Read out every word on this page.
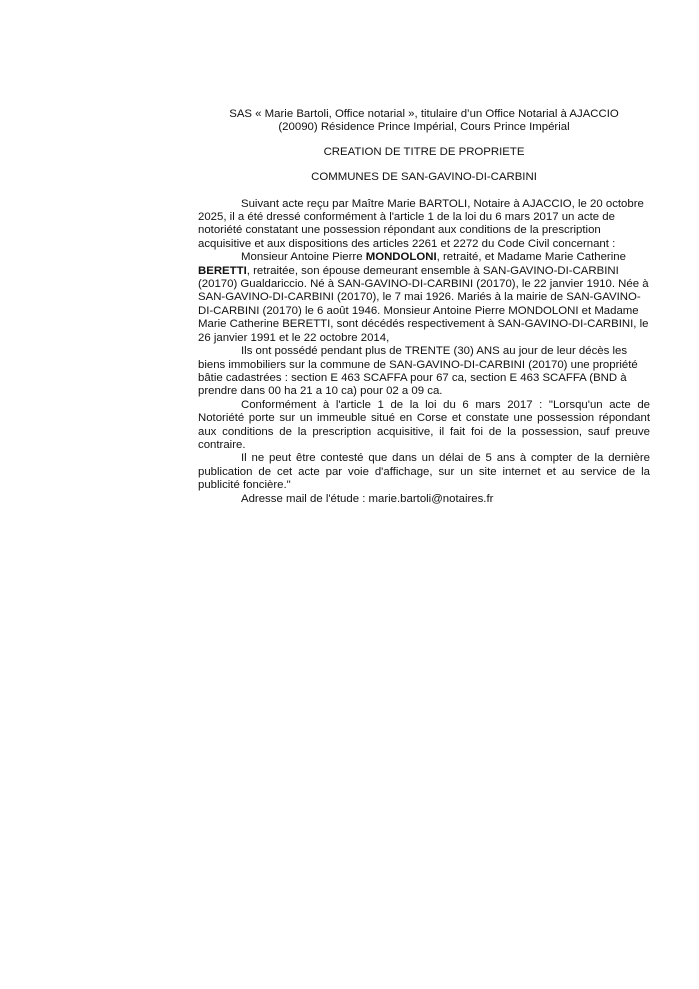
SAS « Marie Bartoli, Office notarial », titulaire d’un Office Notarial à AJACCIO

(20090) Résidence Prince Impérial, Cours Prince Impérial

CREATION DE TITRE DE PROPRIETE

COMMUNES DE SAN-GAVINO-DI-CARBINI

Suivant acte reçu par Maître Marie BARTOLI, Notaire à AJACCIO, le 20 octobre 2025, il a été dressé conformément à l'article 1 de la loi du 6 mars 2017 un acte de notoriété constatant une possession répondant aux conditions de la prescription acquisitive et aux dispositions des articles 2261 et 2272 du Code Civil concernant :

Monsieur Antoine Pierre MONDOLONI, retraité, et Madame Marie Catherine BERETTI, retraitée, son épouse demeurant ensemble à SAN-GAVINO-DI-CARBINI (20170) Gualdariccio. Né à SAN-GAVINO-DI-CARBINI (20170), le 22 janvier 1910. Née à SAN-GAVINO-DI-CARBINI (20170), le 7 mai 1926. Mariés à la mairie de SAN-GAVINO-DI-CARBINI (20170) le 6 août 1946. Monsieur Antoine Pierre MONDOLONI et Madame Marie Catherine BERETTI, sont décédés respectivement à SAN-GAVINO-DI-CARBINI, le 26 janvier 1991 et le 22 octobre 2014,

Ils ont possédé pendant plus de TRENTE (30) ANS au jour de leur décès les biens immobiliers sur la commune de SAN-GAVINO-DI-CARBINI (20170) une propriété bâtie cadastrées : section E 463 SCAFFA pour 67 ca, section E 463 SCAFFA (BND à prendre dans 00 ha 21 a 10 ca) pour 02 a 09 ca.

Conformément à l'article 1 de la loi du 6 mars 2017 : "Lorsqu'un acte de Notoriété porte sur un immeuble situé en Corse et constate une possession répondant aux conditions de la prescription acquisitive, il fait foi de la possession, sauf preuve contraire.

Il ne peut être contesté que dans un délai de 5 ans à compter de la dernière publication de cet acte par voie d'affichage, sur un site internet et au service de la publicité foncière."

Adresse mail de l'étude : marie.bartoli@notaires.fr
